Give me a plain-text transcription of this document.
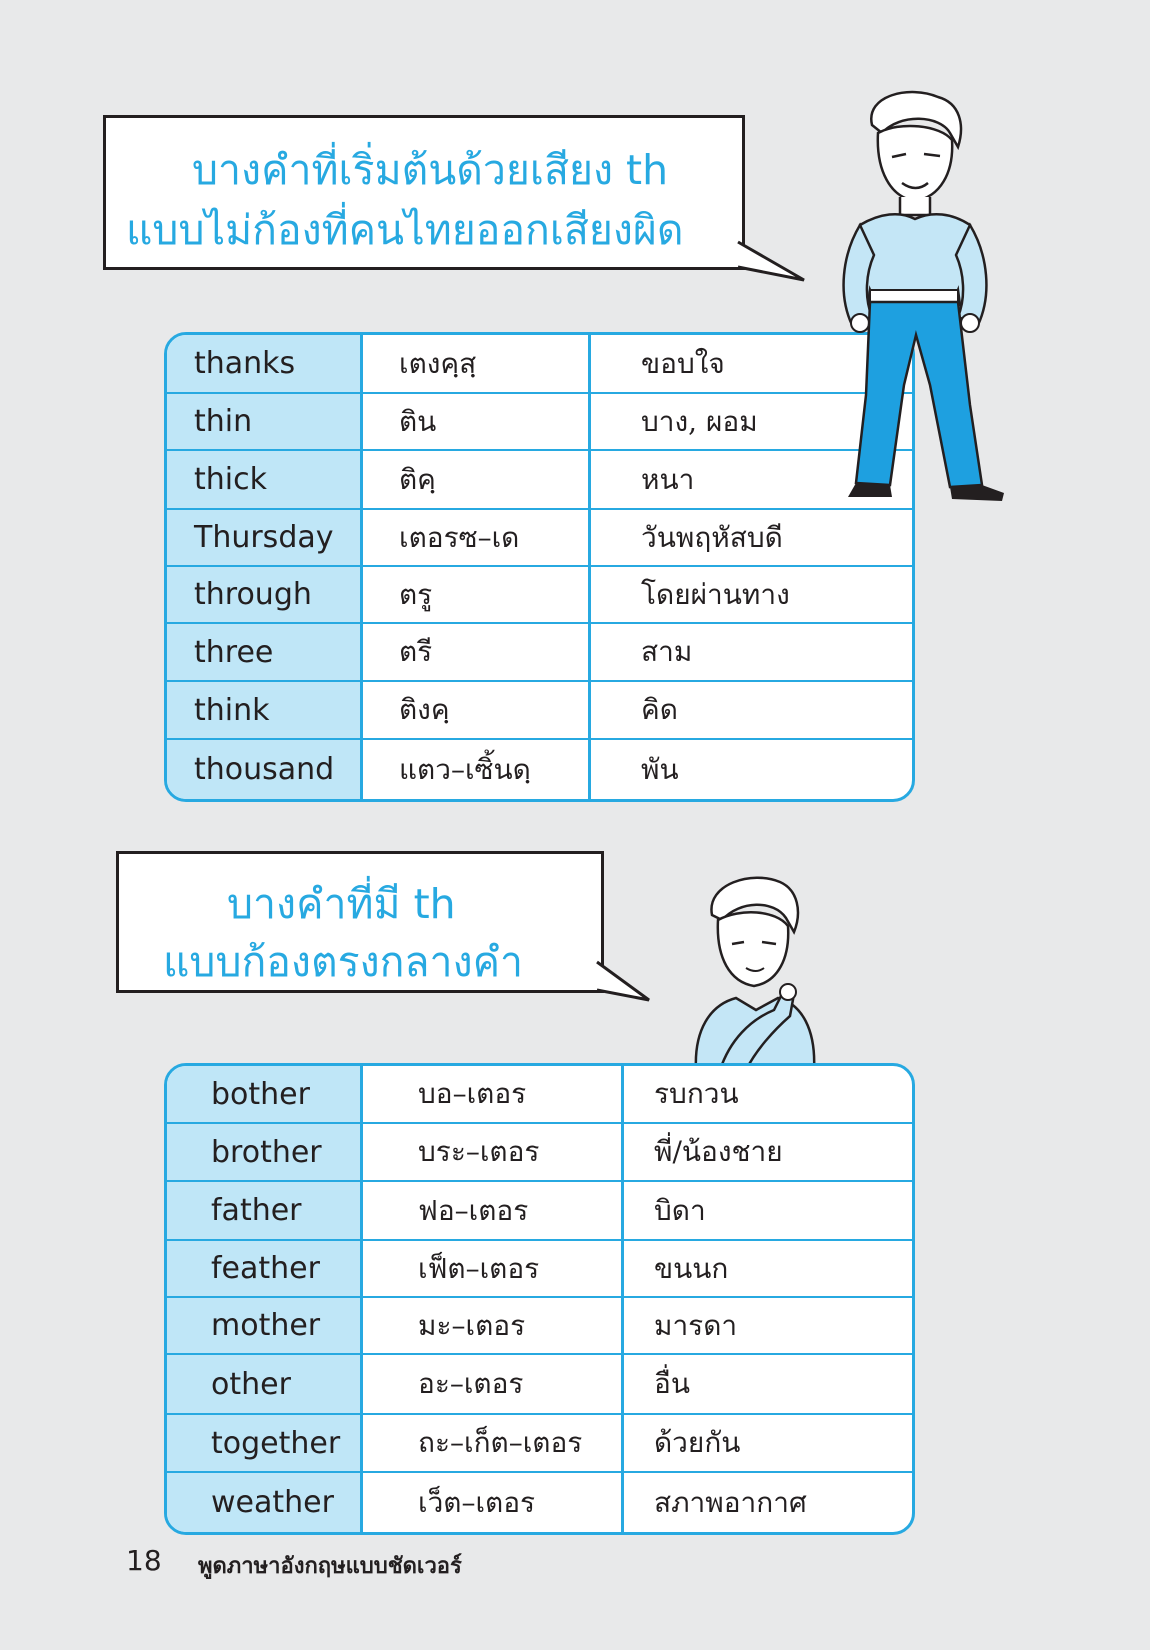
บางคำที่เริ่มต้นด้วยเสียง th
แบบไม่ก้องที่คนไทยออกเสียงผิด
thanks	เตงคฺสฺ	ขอบใจ
thin	ติน	บาง, ผอม
thick	ติคฺ	หนา
Thursday	เตอรซ–เด	วันพฤหัสบดี
through	ตรู	โดยผ่านทาง
three	ตรี	สาม
think	ติงคฺ	คิด
thousand	แตว–เซิ้นดฺ	พัน
บางคำที่มี th
แบบก้องตรงกลางคำ
bother	บอ–เตอร	รบกวน
brother	บระ–เตอร	พี่/น้องชาย
father	ฟอ–เตอร	บิดา
feather	เฟ็ต–เตอร	ขนนก
mother	มะ–เตอร	มารดา
other	อะ–เตอร	อื่น
together	ถะ–เก็ต–เตอร	ด้วยกัน
weather	เว็ต–เตอร	สภาพอากาศ
18 พูดภาษาอังกฤษแบบชัดเวอร์
